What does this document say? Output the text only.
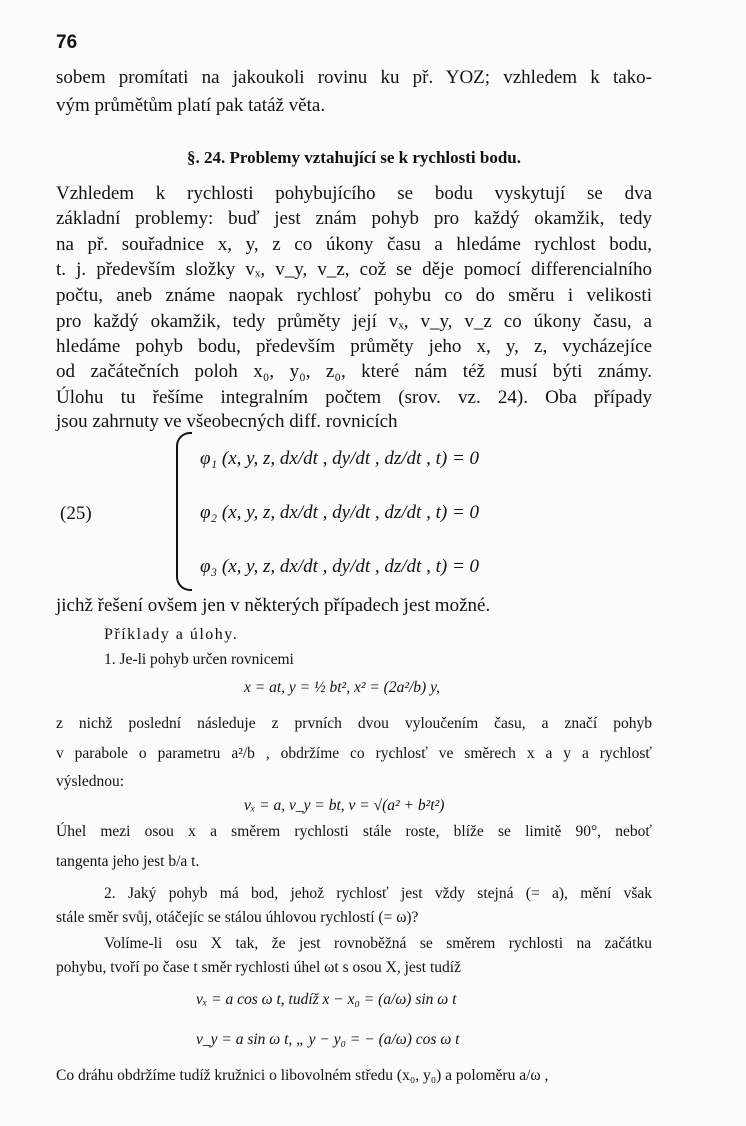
76
sobem promítati na jakoukoli rovinu ku př. YOZ; vzhledem k tako-
vým průmětům platí pak tatáž věta.
§. 24. Problemy vztahující se k rychlosti bodu.
Vzhledem k rychlosti pohybujícího se bodu vyskytují se dva
základní problemy: buď jest znám pohyb pro každý okamžik, tedy
na př. souřadnice x, y, z co úkony času a hledáme rychlost bodu,
t. j. především složky vₓ, v_y, v_z, což se děje pomocí differencialního
počtu, aneb známe naopak rychlosť pohybu co do směru i velikosti
pro každý okamžik, tedy průměty její vₓ, v_y, v_z co úkony času, a
hledáme pohyb bodu, především průměty jeho x, y, z, vycházejíce
od začátečních poloh x₀, y₀, z₀, které nám též musí býti známy.
Úlohu tu řešíme integralním počtem (srov. vz. 24). Oba případy
jsou zahrnuty ve všeobecných diff. rovnicích
(25)
φ₁ (x, y, z, dx/dt , dy/dt , dz/dt , t) = 0
φ₂ (x, y, z, dx/dt , dy/dt , dz/dt , t) = 0
φ₃ (x, y, z, dx/dt , dy/dt , dz/dt , t) = 0
jichž řešení ovšem jen v některých případech jest možné.
Příklady a úlohy.
1. Je-li pohyb určen rovnicemi
x = at, y = ½ bt², x² = (2a²/b) y,
z nichž poslední následuje z prvních dvou vyloučením času, a značí pohyb
v parabole o parametru a²/b , obdržíme co rychlosť ve směrech x a y a rychlosť
výslednou:
vₓ = a, v_y = bt, v = √(a² + b²t²)
Úhel mezi osou x a směrem rychlosti stále roste, blíže se limitě 90°, neboť
tangenta jeho jest b/a t.
2. Jaký pohyb má bod, jehož rychlosť jest vždy stejná (= a), mění však
stále směr svůj, otáčejíc se stálou úhlovou rychlostí (= ω)?
Volíme-li osu X tak, že jest rovnoběžná se směrem rychlosti na začátku
pohybu, tvoří po čase t směr rychlosti úhel ωt s osou X, jest tudíž
vₓ = a cos ω t, tudíž x − x₀ = (a/ω) sin ω t
v_y = a sin ω t, „ y − y₀ = − (a/ω) cos ω t
Co dráhu obdržíme tudíž kružnici o libovolném středu (x₀, y₀) a poloměru a/ω ,
